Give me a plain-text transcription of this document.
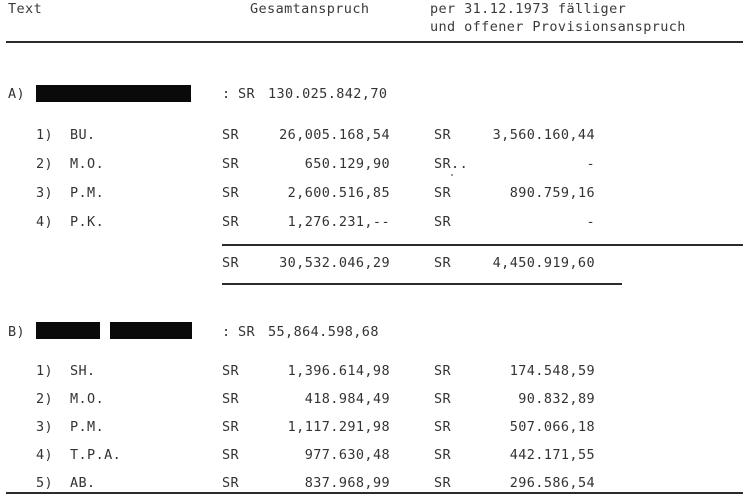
Text	Gesamtanspruch	per 31.12.1973 fälliger
und offener Provisionsanspruch
A)	: SR 130.025.842,70
1) BU.	SR	26,005.168,54	SR	3,560.160,44
2) M.O.	SR	650.129,90	SR..	-
3) P.M.	SR	2,600.516,85	SR	890.759,16
4) P.K.	SR	1,276.231,--	SR	-
SR	30,532.046,29	SR	4,450.919,60
B)	: SR 55,864.598,68
1) SH.	SR	1,396.614,98	SR	174.548,59
2) M.O.	SR	418.984,49	SR	90.832,89
3) P.M.	SR	1,117.291,98	SR	507.066,18
4) T.P.A.	SR	977.630,48	SR	442.171,55
5) AB.	SR	837.968,99	SR	296.586,54
